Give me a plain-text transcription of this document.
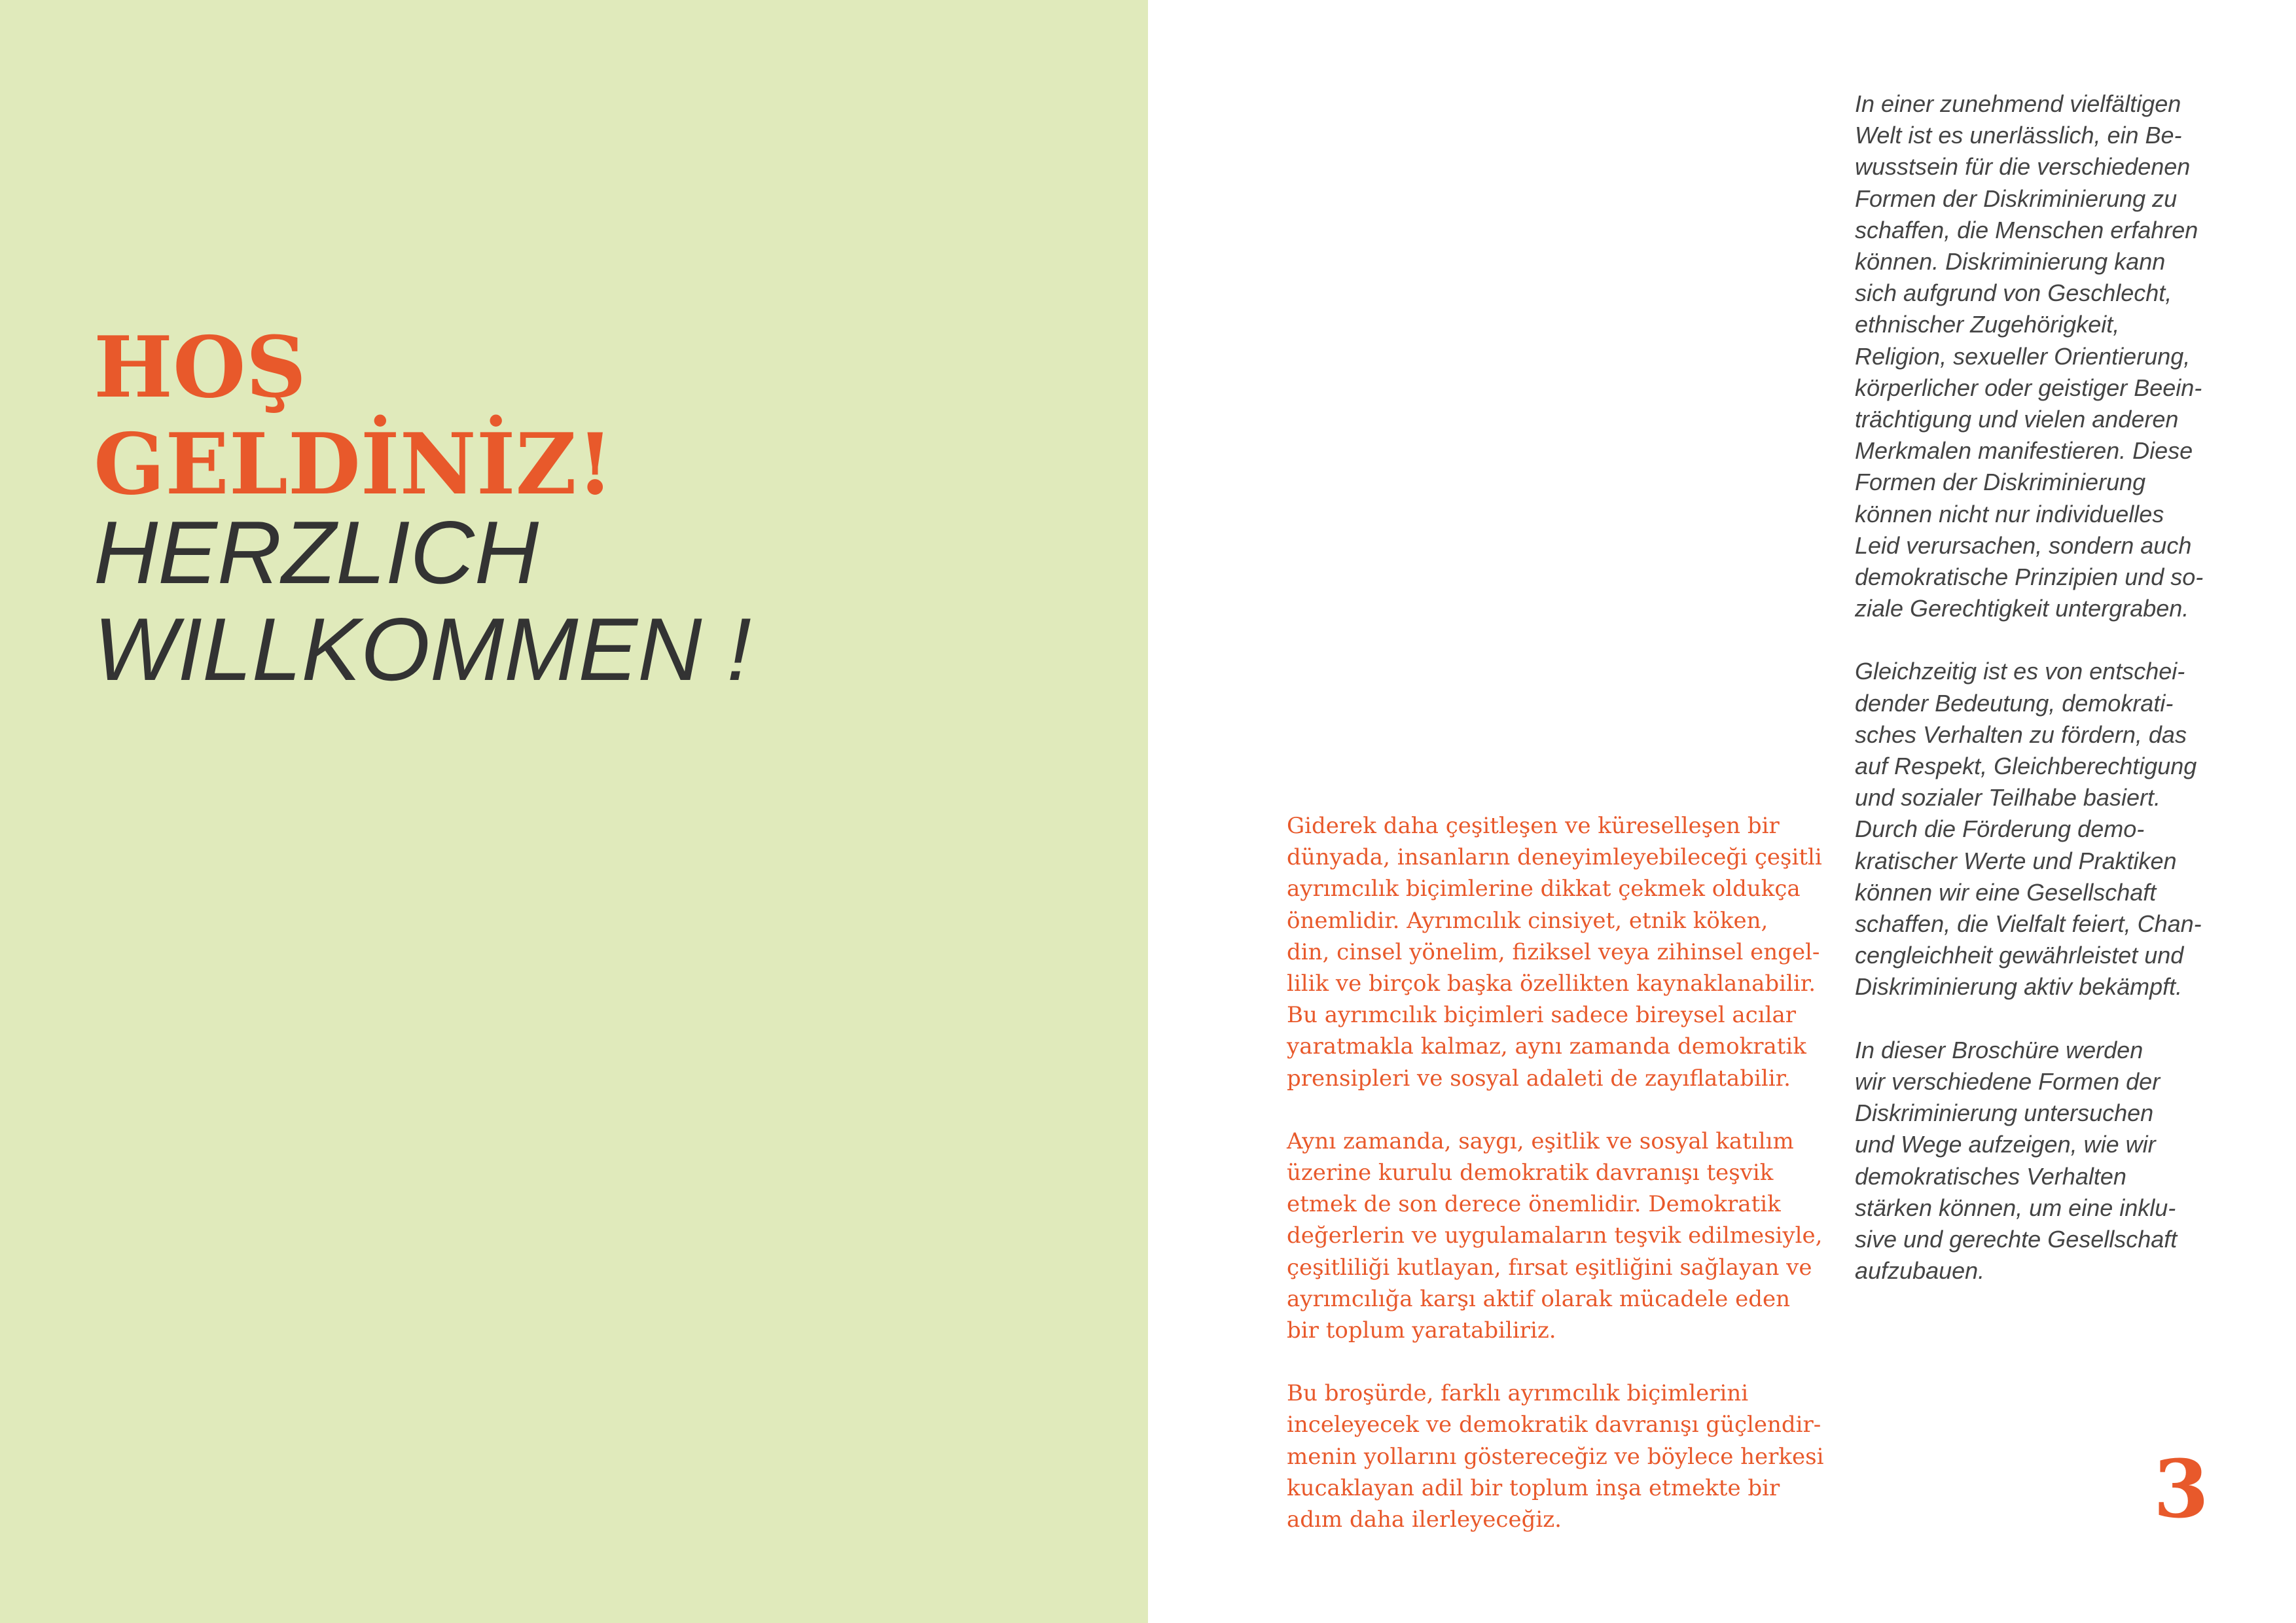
HOŞ
GELDİNİZ!
HERZLICH
WILLKOMMEN !

In einer zunehmend vielfältigen
Welt ist es unerlässlich, ein Be-
wusstsein für die verschiedenen
Formen der Diskriminierung zu
schaffen, die Menschen erfahren
können. Diskriminierung kann
sich aufgrund von Geschlecht,
ethnischer Zugehörigkeit,
Religion, sexueller Orientierung,
körperlicher oder geistiger Beein-
trächtigung und vielen anderen
Merkmalen manifestieren. Diese
Formen der Diskriminierung
können nicht nur individuelles
Leid verursachen, sondern auch
demokratische Prinzipien und so-
ziale Gerechtigkeit untergraben.

Gleichzeitig ist es von entschei-
dender Bedeutung, demokrati-
sches Verhalten zu fördern, das
auf Respekt, Gleichberechtigung
und sozialer Teilhabe basiert.
Durch die Förderung demo-
kratischer Werte und Praktiken
können wir eine Gesellschaft
schaffen, die Vielfalt feiert, Chan-
cengleichheit gewährleistet und
Diskriminierung aktiv bekämpft.

In dieser Broschüre werden
wir verschiedene Formen der
Diskriminierung untersuchen
und Wege aufzeigen, wie wir
demokratisches Verhalten
stärken können, um eine inklu-
sive und gerechte Gesellschaft
aufzubauen.

Giderek daha çeşitleşen ve küreselleşen bir
dünyada, insanların deneyimleyebileceği çeşitli
ayrımcılık biçimlerine dikkat çekmek oldukça
önemlidir. Ayrımcılık cinsiyet, etnik köken,
din, cinsel yönelim, fiziksel veya zihinsel engel-
lilik ve birçok başka özellikten kaynaklanabilir.
Bu ayrımcılık biçimleri sadece bireysel acılar
yaratmakla kalmaz, aynı zamanda demokratik
prensipleri ve sosyal adaleti de zayıflatabilir.

Aynı zamanda, saygı, eşitlik ve sosyal katılım
üzerine kurulu demokratik davranışı teşvik
etmek de son derece önemlidir. Demokratik
değerlerin ve uygulamaların teşvik edilmesiyle,
çeşitliliği kutlayan, fırsat eşitliğini sağlayan ve
ayrımcılığa karşı aktif olarak mücadele eden
bir toplum yaratabiliriz.

Bu broşürde, farklı ayrımcılık biçimlerini
inceleyecek ve demokratik davranışı güçlendir-
menin yollarını göstereceğiz ve böylece herkesi
kucaklayan adil bir toplum inşa etmekte bir
adım daha ilerleyeceğiz.	3
